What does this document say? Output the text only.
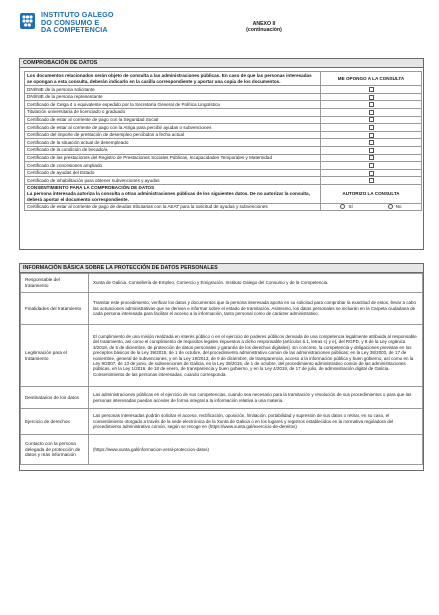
INSTITUTO GALEGO
DO CONSUMO E
DA COMPETENCIA
ANEXO II
(continuación)
COMPROBACIÓN DE DATOS
Los documentos relacionados serán objeto de consulta a las administraciones públicas. En caso de que las personas interesadas se opongan a esta consulta, deberán indicarlo en la casilla correspondiente y aportar una copia de los documentos.	ME OPONGO A LA CONSULTA
DNI/NIE de la persona solicitante	
DNI/NIE de la persona representante	
Certificado de Celga 4 o equivalente expedido por la Secretaría General de Política Lingüística	
Titulación universitaria de licenciado o graduado	
Certificado de estar al corriente de pago con la Seguridad Social	
Certificado de estar al corriente de pago con la Atriga para percibir ayudas o subvenciones	
Certificado del importe de prestación de desempleo percibidos a fecha actual	
Certificado de la situación actual de desempleado	
Certificado de la condición de becado/a	
Certificado de las prestaciones del Registro de Prestaciones Sociales Públicas, Incapacidades Temporales y Maternidad	
Certificado de concesiones ampliado	
Certificado de ayudas del Estado	
Certificado de inhabilitación para obtener subvenciones y ayudas	

CONSENTIMIENTO PARA LA COMPROBACIÓN DE DATOS
La persona interesada autoriza la consulta a otras administraciones públicas de los siguientes datos. De no autorizar la consulta, deberá aportar el documento correspondiente.	AUTORIZO LA CONSULTA
Certificado de estar al corriente de pago de deudas tributarias con la AEAT para la solicitud de ayudas y subvenciones	Sí No
INFORMACIÓN BÁSICA SOBRE LA PROTECCIÓN DE DATOS PERSONALES
Responsable del tratamiento	Xunta de Galicia. Consellería de Empleo, Comercio y Emigración. Instituto Galego del Consumo y de la Competencia.
Finalidades del tratamiento	Tramitar este procedimiento, verificar los datos y documentos que la persona interesada aporta en su solicitud para comprobar la exactitud de estos, llevar a cabo las actuaciones administrativas que se deriven e informar sobre el estado de tramitación. Asimismo, los datos personales se incluirán en la Carpeta ciudadana de cada persona interesada para facilitar el acceso a la información, tanto personal como de carácter administrativo.
Legitimación para el tratamiento	El cumplimiento de una misión realizada en interés público o en el ejercicio de poderes públicos derivada de una competencia legalmente atribuida al responsable del tratamiento, así como el cumplimiento de requisitos legales impuestos a dicho responsable (artículos 6.1, letras c) y e), del RGPD, y 8 de la Ley orgánica 3/2018, de 5 de diciembre, de protección de datos personales y garantía de los derechos digitales). En concreto, la competencia y obligaciones previstas en los preceptos básicos de la Ley 39/2015, de 1 de octubre, del procedimiento administrativo común de las administraciones públicas; en la Ley 38/2003, de 17 de noviembre, general de subvenciones, y en la Ley 19/2013, de 9 de diciembre, de transparencia, acceso a la información pública y buen gobierno, así como en la Ley 9/2007, de 13 de junio, de subvenciones de Galicia, en la Ley 39/2015, de 1 de octubre, del procedimiento administrativo común de las administraciones públicas, en la Ley 1/2016, de 18 de enero, de transparencia y buen gobierno, y en la Ley 4/2019, de 17 de julio, de administración digital de Galicia. Consentimiento de las personas interesadas, cuando corresponda.
Destinatarios de los datos	Las administraciones públicas en el ejercicio de sus competencias, cuando sea necesario para la tramitación y resolución de sus procedimientos o para que las personas interesadas puedan acceder de forma integral a la información relativa a una materia.
Ejercicio de derechos	Las personas interesadas podrán solicitar el acceso, rectificación, oposición, limitación, portabilidad y supresión de sus datos o retirar, en su caso, el consentimiento otorgado a través de la sede electrónica de la Xunta de Galicia o en los lugares y registros establecidos en la normativa reguladora del procedimiento administrativo común, según se recoge en (https://www.xunta.gal/exercicio-de-dereitos)
Contacto con la persona delegada de protección de datos y más información	(https://www.xunta.gal/informacion-xeral-proteccion-datos)
